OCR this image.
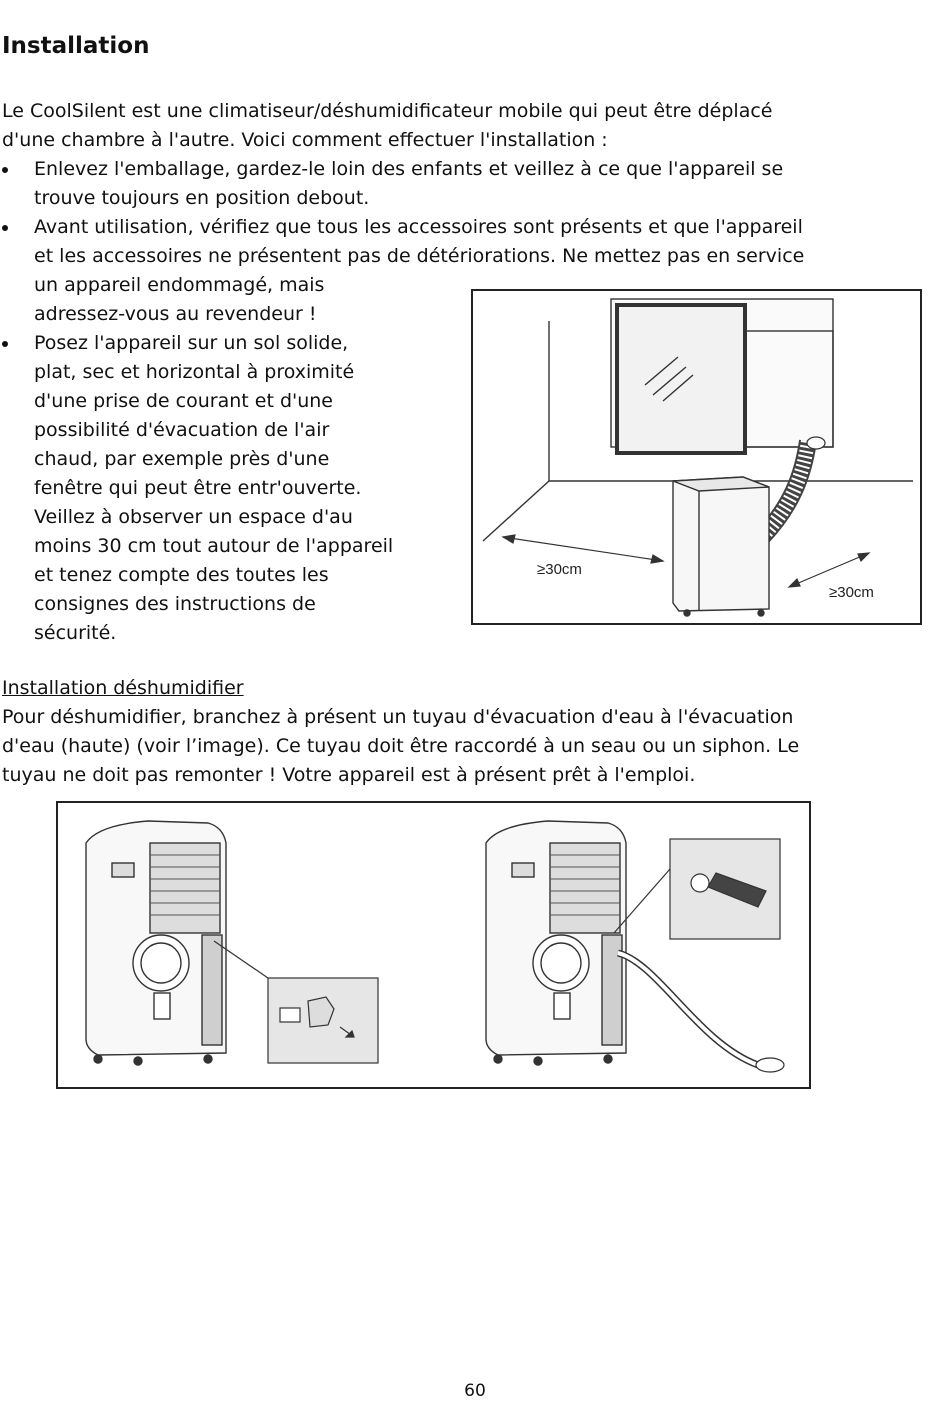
Installation

Le CoolSilent est une climatiseur/déshumidificateur mobile qui peut être déplacé

d'une chambre à l'autre. Voici comment effectuer l'installation :

Enlevez l'emballage, gardez-le loin des enfants et veillez à ce que l'appareil se

trouve toujours en position debout.

Avant utilisation, vérifiez que tous les accessoires sont présents et que l'appareil

et les accessoires ne présentent pas de détériorations. Ne mettez pas en service

un appareil endommagé, mais

adressez-vous au revendeur !

Posez l'appareil sur un sol solide,

plat, sec et horizontal à proximité

d'une prise de courant et d'une

possibilité d'évacuation de l'air

chaud, par exemple près d'une

fenêtre qui peut être entr'ouverte.

Veillez à observer un espace d'au

moins 30 cm tout autour de l'appareil

et tenez compte des toutes les

consignes des instructions de

sécurité.

≥30cm
≥30cm

Installation déshumidifier

Pour déshumidifier, branchez à présent un tuyau d'évacuation d'eau à l'évacuation

d'eau (haute) (voir l’image). Ce tuyau doit être raccordé à un seau ou un siphon. Le

tuyau ne doit pas remonter ! Votre appareil est à présent prêt à l'emploi.

60
